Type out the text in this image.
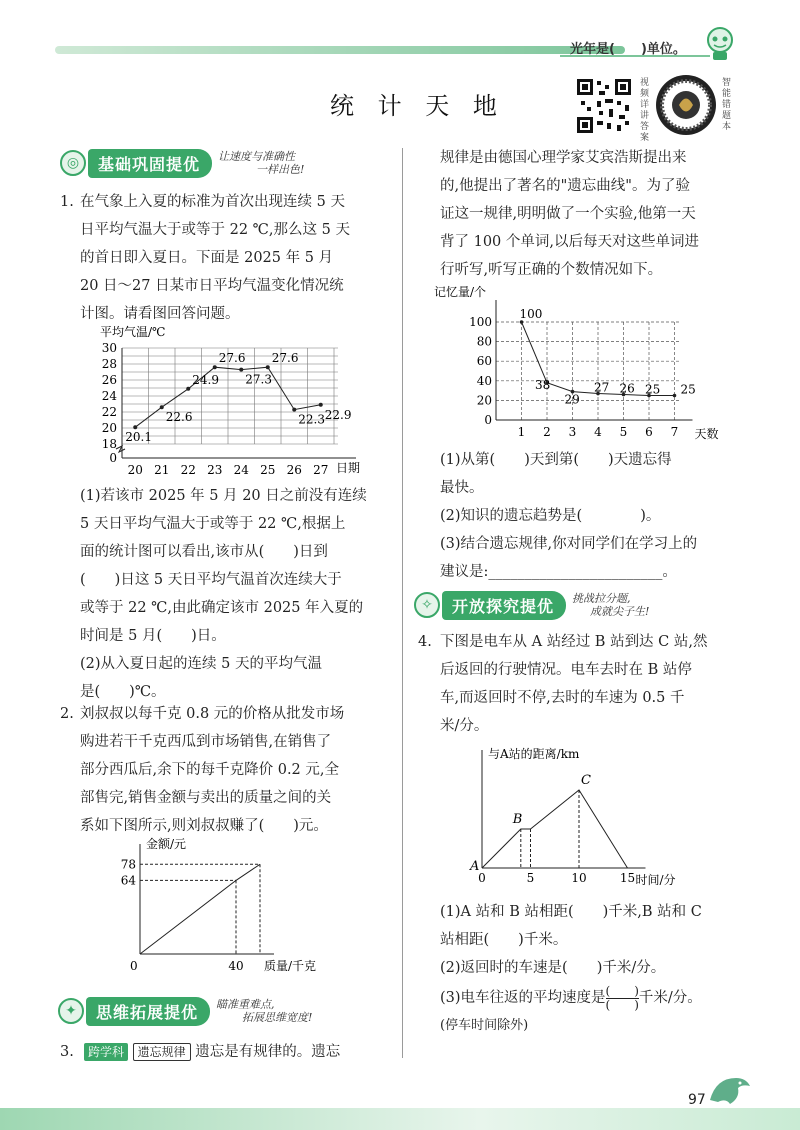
光年是(　　)单位。
统 计 天 地
视频详讲答案
智能错题本
◎	基础巩固提优	让速度与准确性
一样出色!
1. 在气象上入夏的标准为首次出现连续 5 天
日平均气温大于或等于 22 ℃,那么这 5 天
的首日即入夏日。下面是 2025 年 5 月
20 日～27 日某市日平均气温变化情况统
计图。请看图回答问题。
平均气温/℃
0
18
20
22
24
26
28
30
20.1
20
22.6
21
24.9
22
27.6
23
27.3
24
27.6
25
22.3
26
22.9
27 日期
(1)若该市 2025 年 5 月 20 日之前没有连续
5 天日平均气温大于或等于 22 ℃,根据上
面的统计图可以看出,该市从(　　)日到
(　　)日这 5 天日平均气温首次连续大于
或等于 22 ℃,由此确定该市 2025 年入夏的
时间是 5 月(　　)日。
(2)从入夏日起的连续 5 天的平均气温
是(　　)℃。
2. 刘叔叔以每千克 0.8 元的价格从批发市场
购进若干千克西瓜到市场销售,在销售了
部分西瓜后,余下的每千克降价 0.2 元,全
部售完,销售金额与卖出的质量之间的关
系如下图所示,则刘叔叔赚了(　　)元。
金额/元
78
64
0	40 质量/千克
✦	思维拓展提优	瞄准重难点,
拓展思维宽度!
3.	跨学科 遗忘规律 遗忘是有规律的。遗忘
规律是由德国心理学家艾宾浩斯提出来
的,他提出了著名的"遗忘曲线"。为了验
证这一规律,明明做了一个实验,他第一天
背了 100 个单词,以后每天对这些单词进
行听写,听写正确的个数情况如下。
记忆量/个
0
20
40
60
80
100
100
1
38
2
29
3
27
4
26
5
25
6
25
7 天数
(1)从第(　　)天到第(　　)天遗忘得
最快。
(2)知识的遗忘趋势是(　　　　)。
(3)结合遗忘规律,你对同学们在学习上的
建议是:________________________。
✧	开放探究提优	挑战拉分题,
成就尖子生!
4. 下图是电车从 A 站经过 B 站到达 C 站,然
后返回的行驶情况。电车去时在 B 站停
车,而返回时不停,去时的车速为 0.5 千
米/分。
与A站的距离/km
A
B
C
0	5	10	15 时间/分
(1)A 站和 B 站相距(　　)千米,B 站和 C
站相距(　　)千米。
(2)返回时的车速是(　　)千米/分。
(3)电车往返的平均速度是 $\frac{( )}{( )}$ 千米/分。
(停车时间除外)
97
